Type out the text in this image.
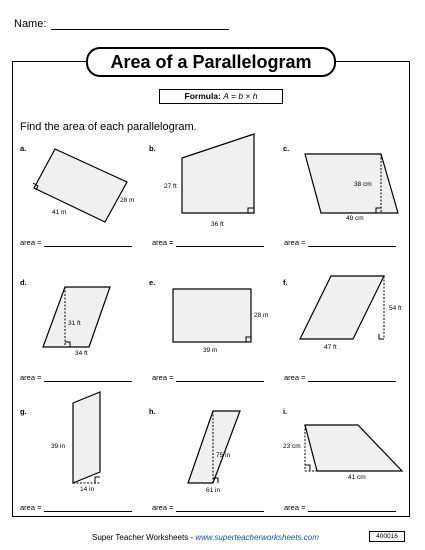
Name:
Area of a Parallelogram
Formula: A = b × h
Find the area of each parallelogram.
a.	b.	c.
d.	e.	f.
g.	h.	i.
41 m
28 m
27 ft
36 ft
38 cm
49 cm
31 ft
34 ft
28 m
39 m
54 ft
47 ft
39 in
14 in
75 in
61 in
23 cm
41 cm
area =	area =	area =
area =	area =	area =
area =	area =	area =
Super Teacher Worksheets - www.superteacherworksheets.com	400016
